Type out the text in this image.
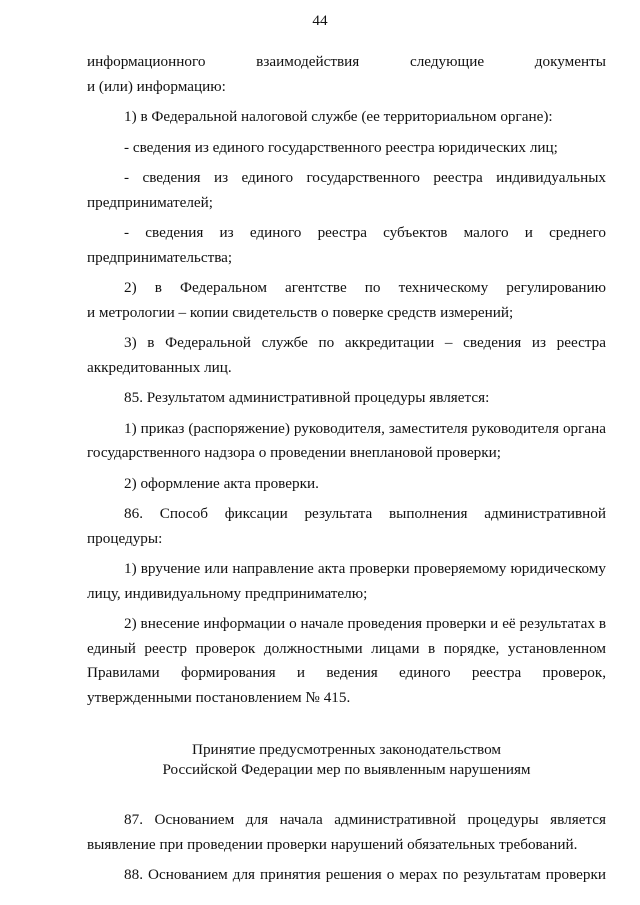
44
информационного взаимодействия следующие документы
и (или) информацию:
1) в Федеральной налоговой службе (ее территориальном органе):
- сведения из единого государственного реестра юридических лиц;
- сведения из единого государственного реестра индивидуальных
предпринимателей;
- сведения из единого реестра субъектов малого и среднего
предпринимательства;
2) в Федеральном агентстве по техническому регулированию
и метрологии – копии свидетельств о поверке средств измерений;
3) в Федеральной службе по аккредитации – сведения из реестра
аккредитованных лиц.
85. Результатом административной процедуры является:
1) приказ (распоряжение) руководителя, заместителя руководителя органа
государственного надзора о проведении внеплановой проверки;
2) оформление акта проверки.
86. Способ фиксации результата выполнения административной
процедуры:
1) вручение или направление акта проверки проверяемому юридическому
лицу, индивидуальному предпринимателю;
2) внесение информации о начале проведения проверки и её результатах в
единый реестр проверок должностными лицами в порядке, установленном
Правилами формирования и ведения единого реестра проверок,
утвержденными постановлением № 415.
Принятие предусмотренных законодательством
Российской Федерации мер по выявленным нарушениям
87. Основанием для начала административной процедуры является
выявление при проведении проверки нарушений обязательных требований.
88. Основанием для принятия решения о мерах по результатам проверки
